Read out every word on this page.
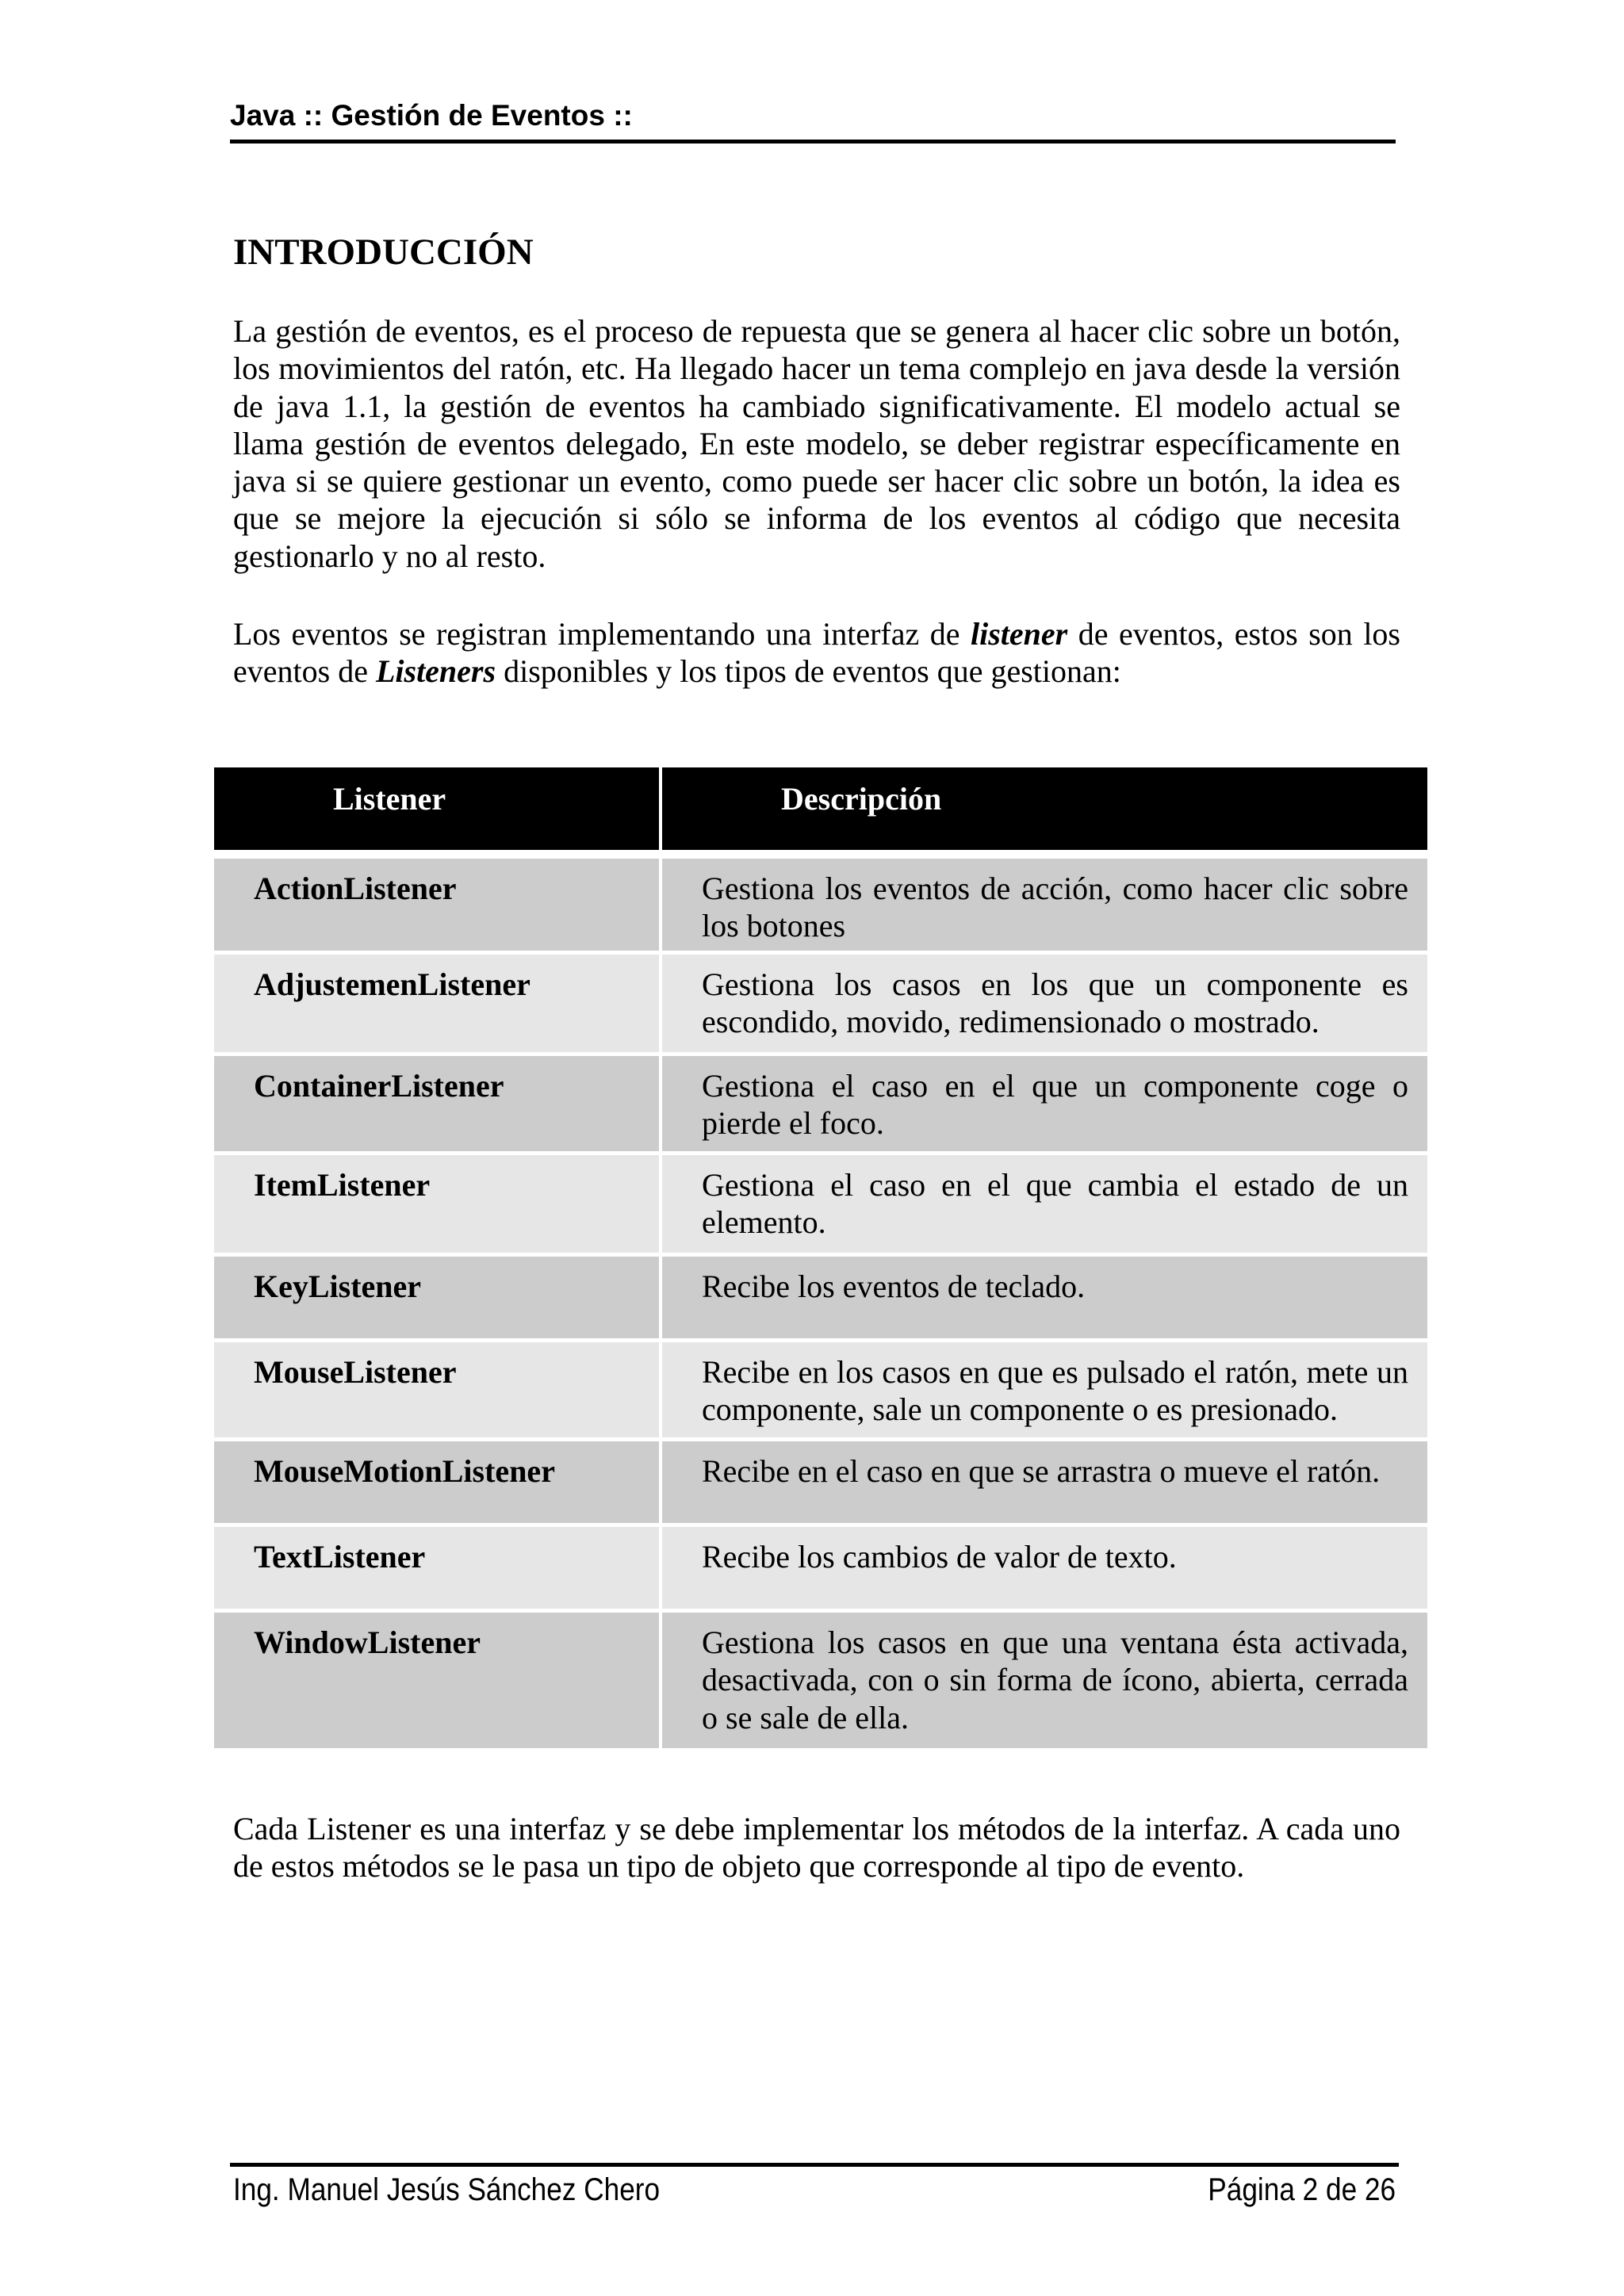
Java :: Gestión de Eventos ::
INTRODUCCIÓN

La gestión de eventos, es el proceso de repuesta que se genera al hacer clic sobre un botón, los movimientos del ratón, etc. Ha llegado hacer un tema complejo en java desde la versión de java 1.1, la gestión de eventos ha cambiado significativamente. El modelo actual se llama gestión de eventos delegado, En este modelo, se deber registrar específicamente en java si se quiere gestionar un evento, como puede ser hacer clic sobre un botón, la idea es que se mejore la ejecución si sólo se informa de los eventos al código que necesita gestionarlo y no al resto.

Los eventos se registran implementando una interfaz de listener de eventos, estos son los eventos de Listeners disponibles y los tipos de eventos que gestionan:

Listener	Descripción
ActionListener	Gestiona los eventos de acción, como hacer clic sobre los botones
AdjustemenListener	Gestiona los casos en los que un componente es escondido, movido, redimensionado o mostrado.
ContainerListener	Gestiona el caso en el que un componente coge o pierde el foco.
ItemListener	Gestiona el caso en el que cambia el estado de un elemento.
KeyListener	Recibe los eventos de teclado.
MouseListener	Recibe en los casos en que es pulsado el ratón, mete un componente, sale un componente o es presionado.
MouseMotionListener	Recibe en el caso en que se arrastra o mueve el ratón.
TextListener	Recibe los cambios de valor de texto.
WindowListener	Gestiona los casos en que una ventana ésta activada, desactivada, con o sin forma de ícono, abierta, cerrada o se sale de ella.

Cada Listener es una interfaz y se debe implementar los métodos de la interfaz. A cada uno de estos métodos se le pasa un tipo de objeto que corresponde al tipo de evento.

Ing. Manuel Jesús Sánchez Chero	Página 2 de 26
